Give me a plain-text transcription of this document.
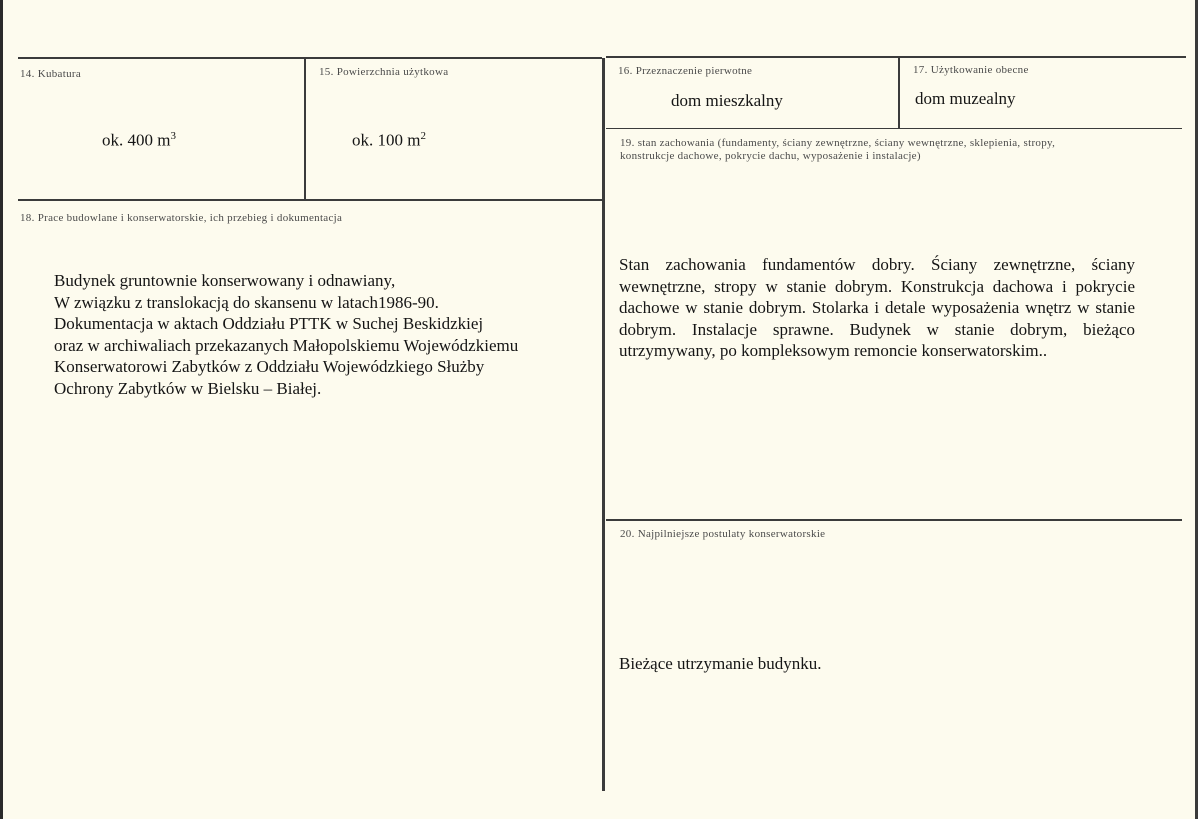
14. Kubatura
ok. 400 $m^3$
15. Powierzchnia użytkowa
ok. 100 $m^2$
16. Przeznaczenie pierwotne
dom mieszkalny
17. Użytkowanie obecne
dom muzealny
18. Prace budowlane i konserwatorskie, ich przebieg i dokumentacja
Budynek gruntownie konserwowany i odnawiany,
W związku z translokacją do skansenu w latach1986-90.
Dokumentacja w aktach Oddziału PTTK w Suchej Beskidzkiej
oraz w archiwaliach przekazanych Małopolskiemu Wojewódzkiemu
Konserwatorowi Zabytków z Oddziału Wojewódzkiego Służby
Ochrony Zabytków w Bielsku – Białej.
19. stan zachowania (fundamenty, ściany zewnętrzne, ściany wewnętrzne, sklepienia, stropy,
konstrukcje dachowe, pokrycie dachu, wyposażenie i instalacje)
Stan zachowania fundamentów dobry. Ściany zewnętrzne, ściany wewnętrzne, stropy w stanie dobrym. Konstrukcja dachowa i pokrycie dachowe w stanie dobrym. Stolarka i detale wyposażenia wnętrz w stanie dobrym. Instalacje sprawne. Budynek w stanie dobrym, bieżąco utrzymywany, po kompleksowym remoncie konserwatorskim..
20. Najpilniejsze postulaty konserwatorskie
Bieżące utrzymanie budynku.
